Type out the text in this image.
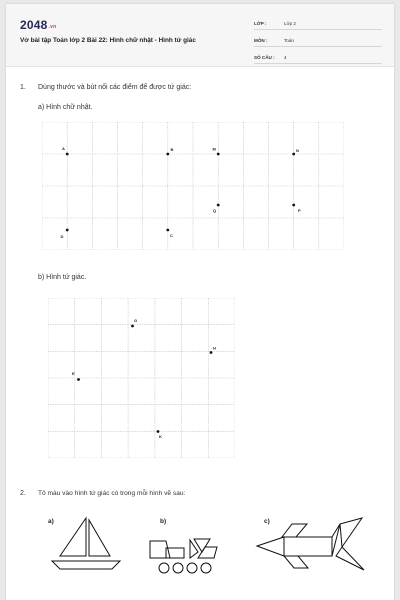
2048.vn
Vở bài tập Toán lớp 2 Bài 22: Hình chữ nhật - Hình tứ giác
LỚP :	Lớp 2
MÔN :	Toán
SỐ CÂU : 4
1. Dùng thước và bút nối các điểm để được tứ giác:
a) Hình chữ nhật.
A	B	M	N
Q	P
D	C
b) Hình tứ giác.
G
H
E
K
2. Tô màu vào hình tứ giác có trong mỗi hình vẽ sau:
a)	b)	c)
